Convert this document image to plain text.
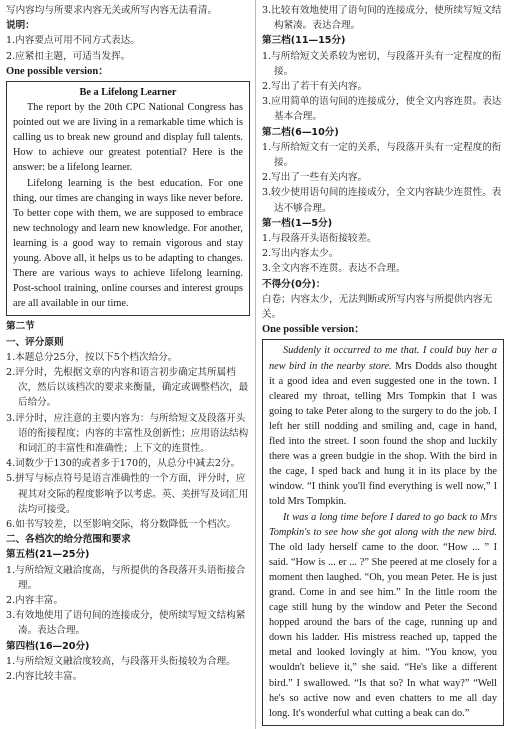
写内容均与所要求内容无关或所写内容无法看清。

说明：

1.内容要点可用不同方式表达。

2.应紧扣主题，可适当发挥。

One possible version：

Be a Lifelong Learner

The report by the 20th CPC National Congress has pointed out we are living in a remarkable time which is calling us to break new ground and display full talents. How to achieve our greatest potential? Here is the answer: be a lifelong learner.

Lifelong learning is the best education. For one thing, our times are changing in ways like never before. To better cope with them, we are supposed to embrace new technology and learn new knowledge. For another, learning is a good way to remain vigorous and stay young. Above all, it helps us to be adapting to changes. There are various ways to achieve lifelong learning. Post-school training, online courses and interest groups are all available in our time.

第二节

一、评分原则

1.本题总分25分，按以下5个档次给分。

2.评分时，先根据文章的内容和语言初步确定其所属档次，然后以该档次的要求来衡量，确定或调整档次，最后给分。

3.评分时，应注意的主要内容为：与所给短文及段落开头语的衔接程度；内容的丰富性及创新性；应用语法结构和词汇的丰富性和准确性；上下文的连贯性。

4.词数少于130的或者多于170的，从总分中减去2分。

5.拼写与标点符号是语言准确性的一个方面，评分时，应视其对交际的程度影响予以考虑。英、美拼写及词汇用法均可接受。

6.如书写较差，以至影响交际，将分数降低一个档次。

二、各档次的给分范围和要求

第五档(21—25分)

1.与所给短文融洽度高，与所提供的各段落开头语衔接合理。

2.内容丰富。

3.有效地使用了语句间的连接成分，使所续写短文结构紧凑。表达合理。

第四档(16—20分)

1.与所给短文融洽度较高，与段落开头衔接较为合理。

2.内容比较丰富。

3.比较有效地使用了语句间的连接成分，使所续写短文结构紧凑。表达合理。

第三档(11—15分)

1.与所给短文关系较为密切，与段落开头有一定程度的衔接。

2.写出了若干有关内容。

3.应用简单的语句间的连接成分，使全文内容连贯。表达基本合理。

第二档(6—10分)

1.与所给短文有一定的关系，与段落开头有一定程度的衔接。

2.写出了一些有关内容。

3.较少使用语句间的连接成分，全文内容缺少连贯性。表达不够合理。

第一档(1—5分)

1.与段落开头语衔接较差。

2.写出内容太少。

3.全文内容不连贯。表达不合理。

不得分(0分)：

白卷；内容太少，无法判断或所写内容与所提供内容无关。

One possible version：

Suddenly it occurred to me that. I could buy her a new bird in the nearby store. Mrs Dodds also thought it a good idea and even suggested one in the town. I cleared my throat, telling Mrs Tompkin that I was going to take Peter along to the surgery to do the job. I left her still nodding and smiling and, cage in hand, fled into the street. I soon found the shop and luckily there was a green budgie in the shop. With the bird in the cage, I sped back and hung it in its place by the window. “I think you'll find everything is well now,” I told Mrs Tompkin.

It was a long time before I dared to go back to Mrs Tompkin's to see how she got along with the new bird. The old lady herself came to the door. “How ... ” I said. “How is ... er ... ?” She peered at me closely for a moment then laughed. “Oh, you mean Peter. He is just grand. Come in and see him.” In the little room the cage still hung by the window and Peter the Second hopped around the bars of the cage, running up and down his ladder. His mistress reached up, tapped the metal and looked lovingly at him. “You know, you wouldn't believe it,” she said. “He's like a different bird.” I swallowed. “Is that so? In what way?” “Well he's so active now and even chatters to me all day long. It's wonderful what cutting a beak can do.”
